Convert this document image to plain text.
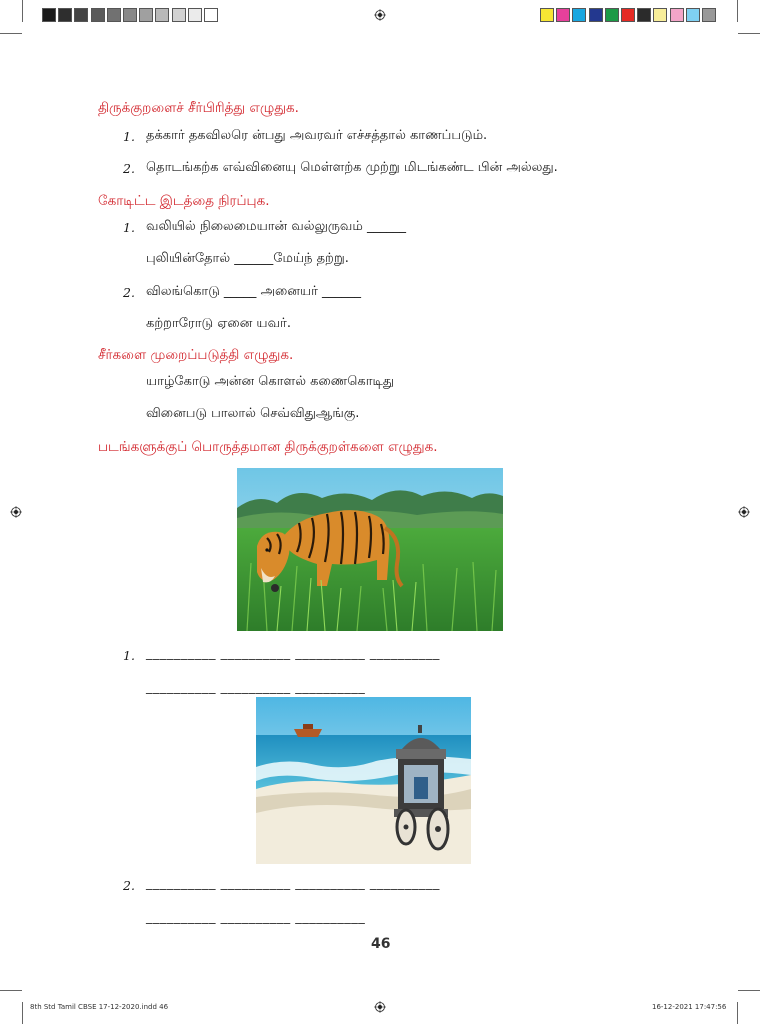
திருக்குறளைச் சீர்பிரித்து எழுதுக.
1. தக்கார் தகவிலரெ ன்பது அவரவர் எச்சத்தால் காணப்படும்.
2. தொடங்கற்க எவ்வினையு மெள்ளற்க முற்று மிடங்கண்ட பின் அல்லது.
கோடிட்ட இடத்தை நிரப்புக.
1. வலியில் நிலைமையான் வல்லுருவம் ______
புலியின்தோல் ______மேய்ந் தற்று.
2. விலங்கொடு _____ அனையர் ______
கற்றாரோடு ஏனை யவர்.
சீர்களை முறைப்படுத்தி எழுதுக.
யாழ்கோடு அன்ன கொளல் கணைகொடிது
வினைபடு பாலால் செவ்விதுஆங்கு.
படங்களுக்குப் பொருத்தமான திருக்குறள்களை எழுதுக.
1. __________ __________ __________ __________
__________ __________ __________
2. __________ __________ __________ __________
__________ __________ __________
46
8th Std Tamil CBSE 17-12-2020.indd 46	16-12-2021 17:47:56
